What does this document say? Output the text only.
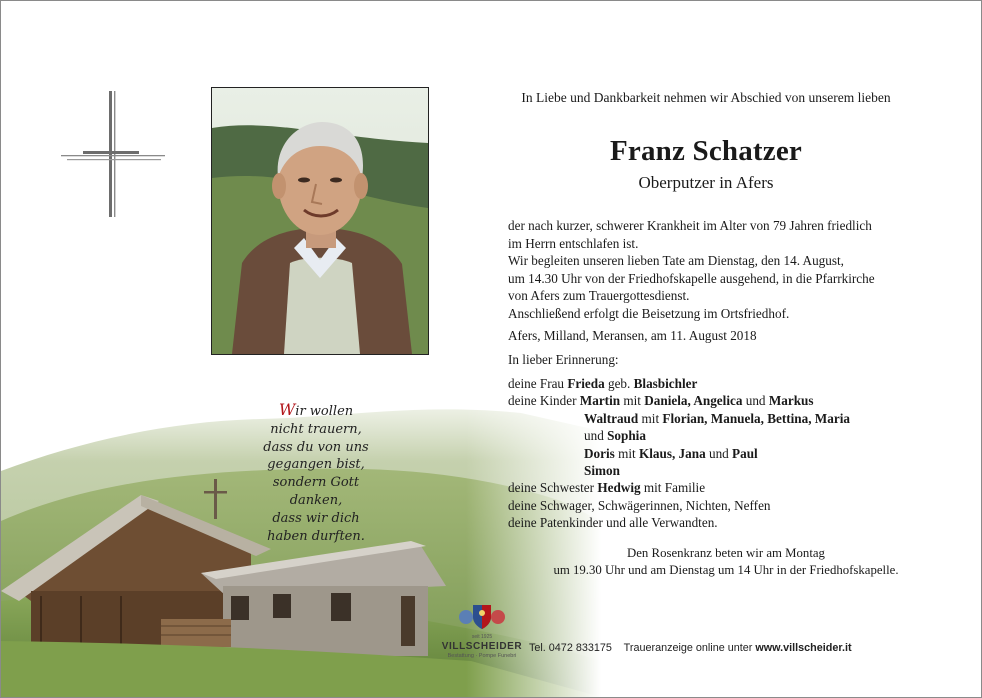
Wir wollen
nicht trauern,
dass du von uns
gegangen bist,
sondern Gott danken,
dass wir dich
haben durften.
In Liebe und Dankbarkeit nehmen wir Abschied von unserem lieben
Franz Schatzer
Oberputzer in Afers

der nach kurzer, schwerer Krankheit im Alter von 79 Jahren friedlich

im Herrn entschlafen ist.

Wir begleiten unseren lieben Tate am Dienstag, den 14. August,

um 14.30 Uhr von der Friedhofskapelle ausgehend, in die Pfarrkirche

von Afers zum Trauergottesdienst.

Anschließend erfolgt die Beisetzung im Ortsfriedhof.

Afers, Milland, Meransen, am 11. August 2018
In lieber Erinnerung:
deine Frau Frieda geb. Blasbichler
deine Kinder Martin mit Daniela, Angelica und Markus
Waltraud mit Florian, Manuela, Bettina, Maria
und Sophia
Doris mit Klaus, Jana und Paul
Simon
deine Schwester Hedwig mit Familie
deine Schwager, Schwägerinnen, Nichten, Neffen
deine Patenkinder und alle Verwandten.
Den Rosenkranz beten wir am Montag
um 19.30 Uhr und am Dienstag um 14 Uhr in der Friedhofskapelle.
seit 1925
VILLSCHEIDER
Bestattung · Pompe Funebri
Tel. 0472 833175 Traueranzeige online unter www.villscheider.it
